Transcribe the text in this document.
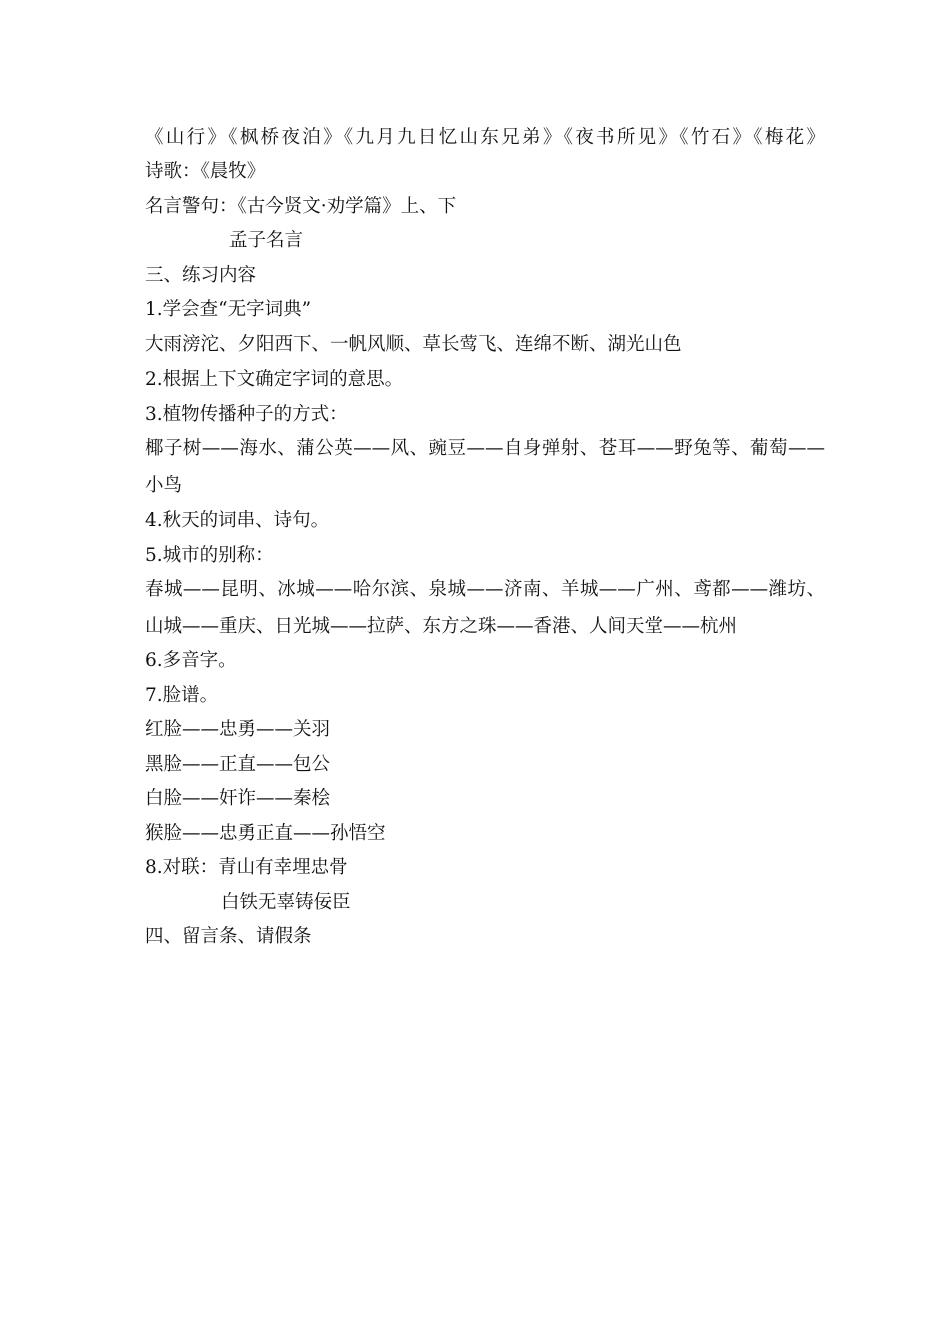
《山行》《枫桥夜泊》《九月九日忆山东兄弟》《夜书所见》《竹石》《梅花》
诗歌：《晨牧》
名言警句：《古今贤文·劝学篇》上、下
孟子名言
三、练习内容
1.学会查“无字词典”
大雨滂沱、夕阳西下、一帆风顺、草长莺飞、连绵不断、湖光山色
2.根据上下文确定字词的意思。
3.植物传播种子的方式：
椰子树——海水、蒲公英——风、豌豆——自身弹射、苍耳——野兔等、葡萄——
小鸟
4.秋天的词串、诗句。
5.城市的别称：
春城——昆明、冰城——哈尔滨、泉城——济南、羊城——广州、鸢都——潍坊、
山城——重庆、日光城——拉萨、东方之珠——香港、人间天堂——杭州
6.多音字。
7.脸谱。
红脸——忠勇——关羽
黑脸——正直——包公
白脸——奸诈——秦桧
猴脸——忠勇正直——孙悟空
8.对联：青山有幸埋忠骨
白铁无辜铸佞臣
四、留言条、请假条
